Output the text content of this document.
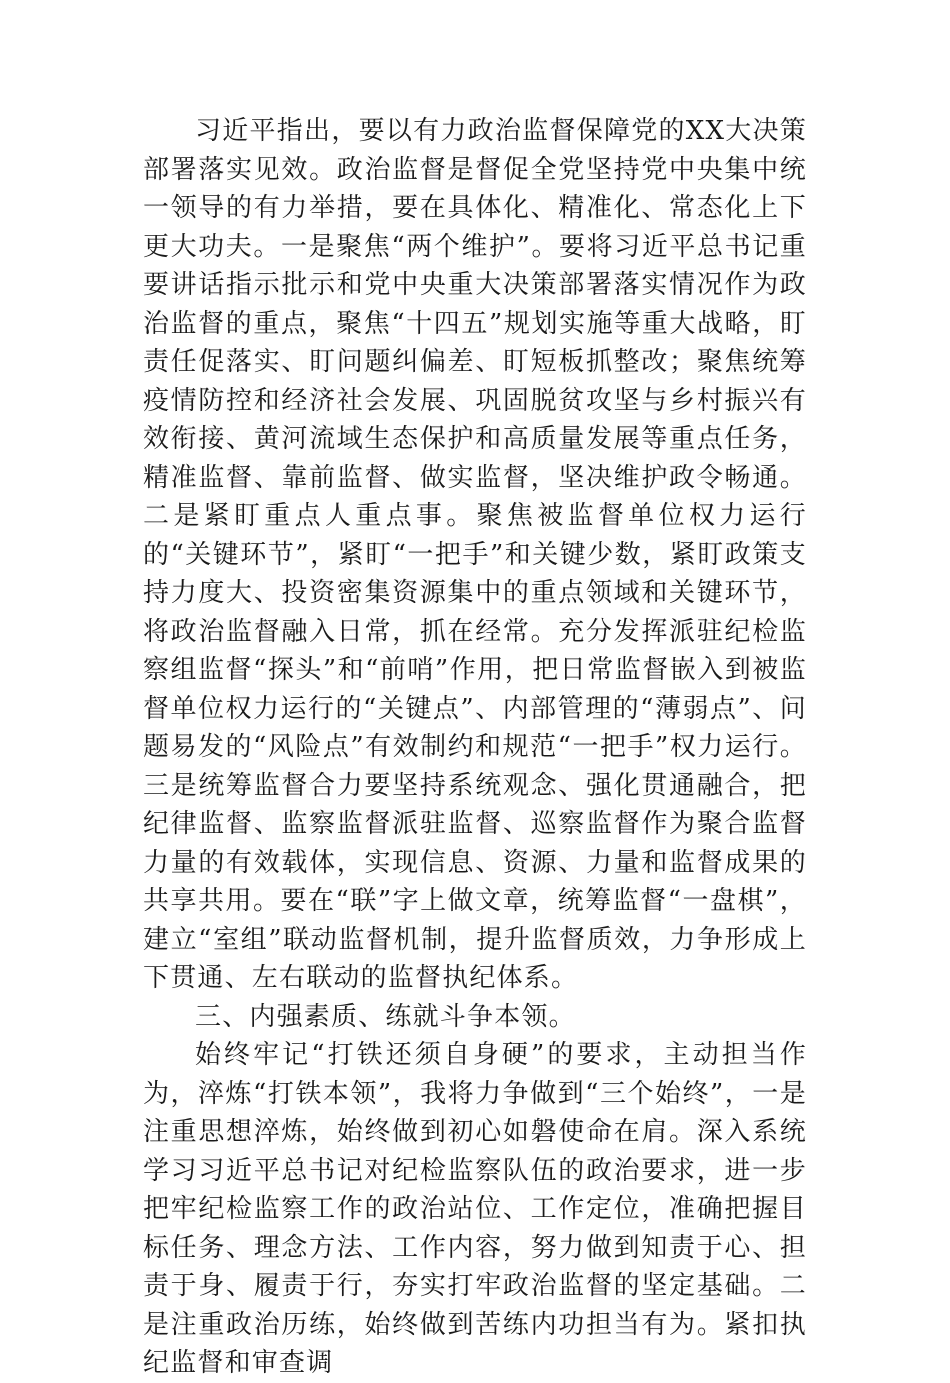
习近平指出，要以有力政治监督保障党的XX大决策部署落实见效。政治监督是督促全党坚持党中央集中统一领导的有力举措，要在具体化、精准化、常态化上下更大功夫。一是聚焦“两个维护”。要将习近平总书记重要讲话指示批示和党中央重大决策部署落实情况作为政治监督的重点，聚焦“十四五”规划实施等重大战略，盯责任促落实、盯问题纠偏差、盯短板抓整改；聚焦统筹疫情防控和经济社会发展、巩固脱贫攻坚与乡村振兴有效衔接、黄河流域生态保护和高质量发展等重点任务，精准监督、靠前监督、做实监督，坚决维护政令畅通。二是紧盯重点人重点事。聚焦被监督单位权力运行的“关键环节”，紧盯“一把手”和关键少数，紧盯政策支持力度大、投资密集资源集中的重点领域和关键环节，将政治监督融入日常，抓在经常。充分发挥派驻纪检监察组监督“探头”和“前哨”作用，把日常监督嵌入到被监督单位权力运行的“关键点”、内部管理的“薄弱点”、问题易发的“风险点”有效制约和规范“一把手”权力运行。三是统筹监督合力要坚持系统观念、强化贯通融合，把纪律监督、监察监督派驻监督、巡察监督作为聚合监督力量的有效载体，实现信息、资源、力量和监督成果的共享共用。要在“联”字上做文章，统筹监督“一盘棋”，建立“室组”联动监督机制，提升监督质效，力争形成上下贯通、左右联动的监督执纪体系。

三、内强素质、练就斗争本领。

始终牢记“打铁还须自身硬”的要求，主动担当作为，淬炼“打铁本领”，我将力争做到“三个始终”，一是注重思想淬炼，始终做到初心如磐使命在肩。深入系统学习习近平总书记对纪检监察队伍的政治要求，进一步把牢纪检监察工作的政治站位、工作定位，准确把握目标任务、理念方法、工作内容，努力做到知责于心、担责于身、履责于行，夯实打牢政治监督的坚定基础。二是注重政治历练，始终做到苦练内功担当有为。紧扣执纪监督和审查调
